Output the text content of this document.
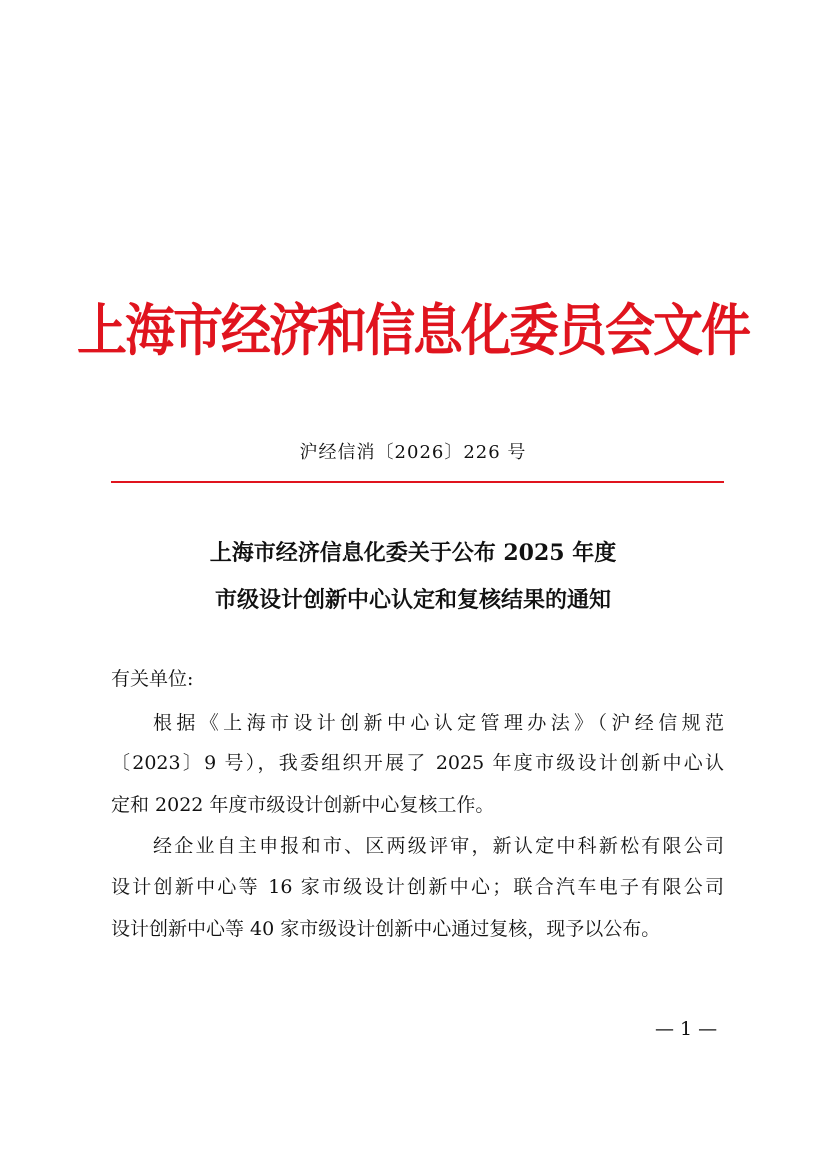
上海市经济和信息化委员会文件
沪经信消〔2026〕226 号
上海市经济信息化委关于公布 2025 年度
市级设计创新中心认定和复核结果的通知
有关单位:
根据《上海市设计创新中心认定管理办法》（沪经信规范
〔2023〕9 号），我委组织开展了 2025 年度市级设计创新中心认
定和 2022 年度市级设计创新中心复核工作。
经企业自主申报和市、区两级评审，新认定中科新松有限公司
设计创新中心等 16 家市级设计创新中心；联合汽车电子有限公司
设计创新中心等 40 家市级设计创新中心通过复核，现予以公布。
— 1 —
